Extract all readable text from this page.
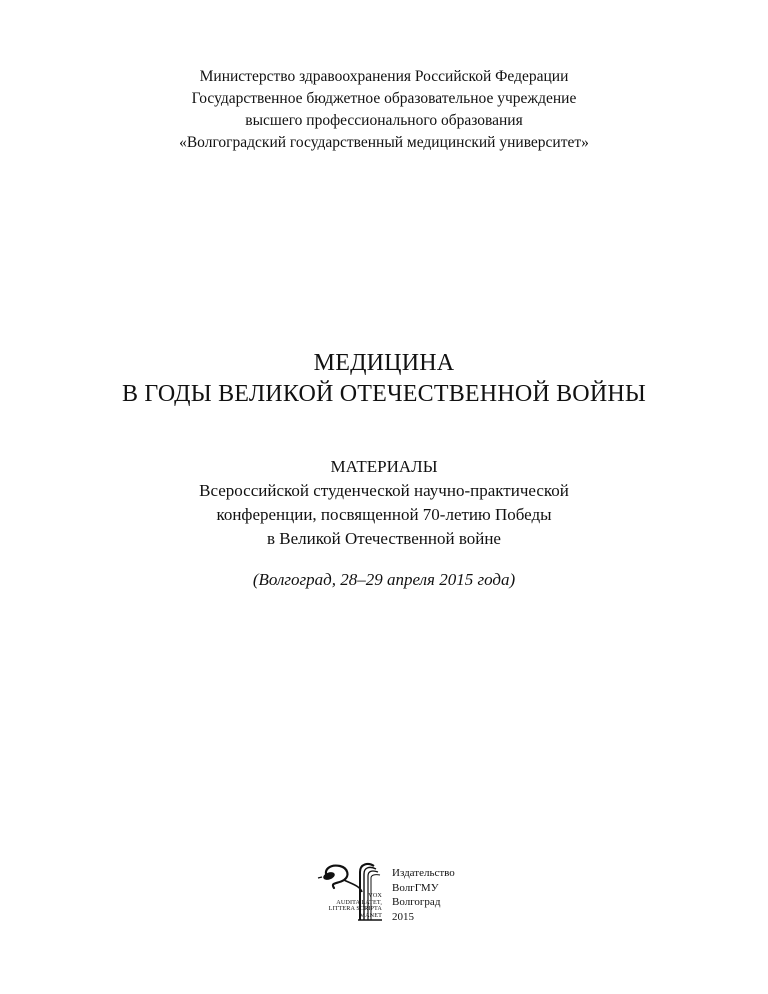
Министерство здравоохранения Российской Федерации
Государственное бюджетное образовательное учреждение
высшего профессионального образования
«Волгоградский государственный медицинский университет»
МЕДИЦИНА
В ГОДЫ ВЕЛИКОЙ ОТЕЧЕСТВЕННОЙ ВОЙНЫ
МАТЕРИАЛЫ
Всероссийской студенческой научно-практической
конференции, посвященной 70-летию Победы
в Великой Отечественной войне
(Волгоград, 28–29 апреля 2015 года)
VOX
AUDITA LATET,
LITTERA SCRIPTA
MANET
Издательство
ВолгГМУ
Волгоград
2015
